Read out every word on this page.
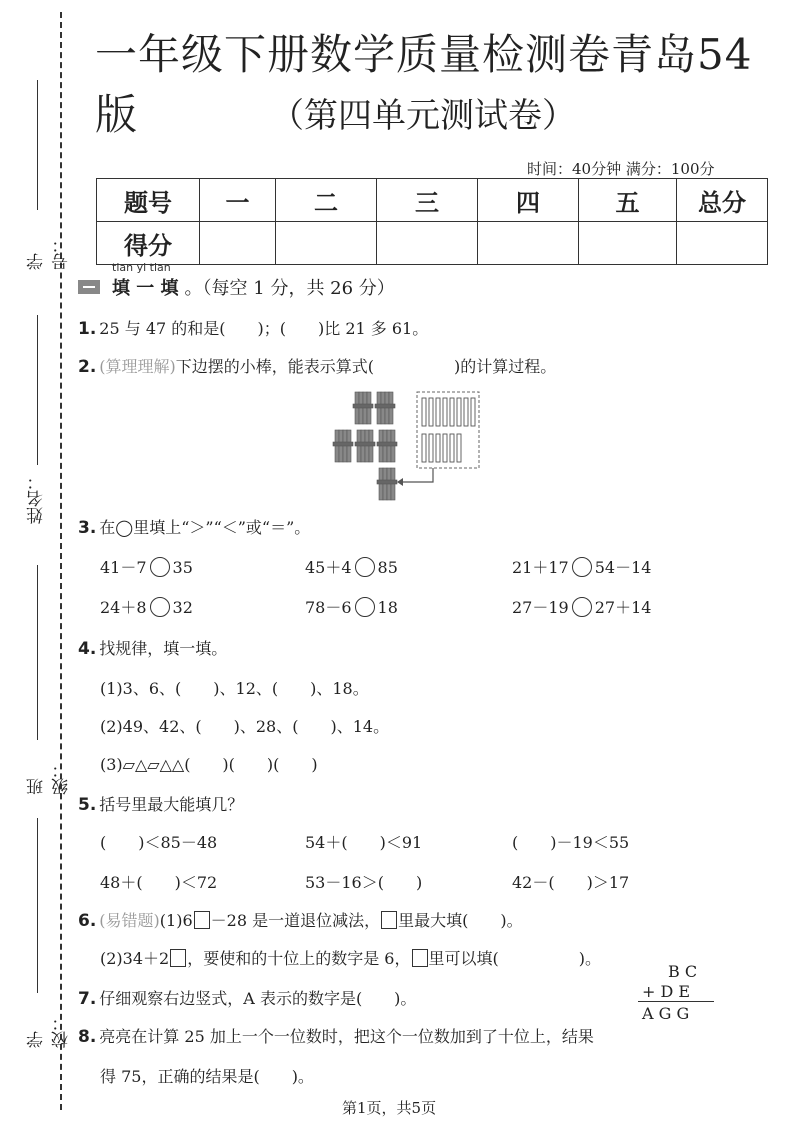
学号：
姓名：
班级：
学校：
一年级下册数学质量检测卷青岛54版	（第四单元测试卷）
时间：40分钟 满分：100分
题号	一	二	三	四	五	总分
得分						
tian yi tian
填 一 填 。（每空 1 分，共 26 分）
1. 25 与 47 的和是(　　)；(　　)比 21 多 61。
2. (算理理解)下边摆的小棒，能表示算式(　　　　　)的计算过程。
3. 在◯里填上“＞”“＜”或“＝”。
41－7 35	45＋4 85	21＋17 54－14
24＋8 32	78－6 18	27－19 27＋14
4. 找规律，填一填。
(1)3、6、(　　)、12、(　　)、18。
(2)49、42、(　　)、28、(　　)、14。
(3)▱△▱△△(　　)(　　)(　　)
5. 括号里最大能填几？
(　　)＜85－48	54＋(　　)＜91	(　　)－19＜55
48＋(　　)＜72	53－16＞(　　)	42－(　　)＞17
6. (易错题)(1)6 －28 是一道退位减法， 里最大填(　　)。
(2)34＋2 ，要使和的十位上的数字是 6， 里可以填(　　　　　)。
7. 仔细观察右边竖式，A 表示的数字是(　　)。
B C
+ D E
A G G
8. 亮亮在计算 25 加上一个一位数时，把这个一位数加到了十位上，结果
得 75，正确的结果是(　　)。
第1页，共5页
